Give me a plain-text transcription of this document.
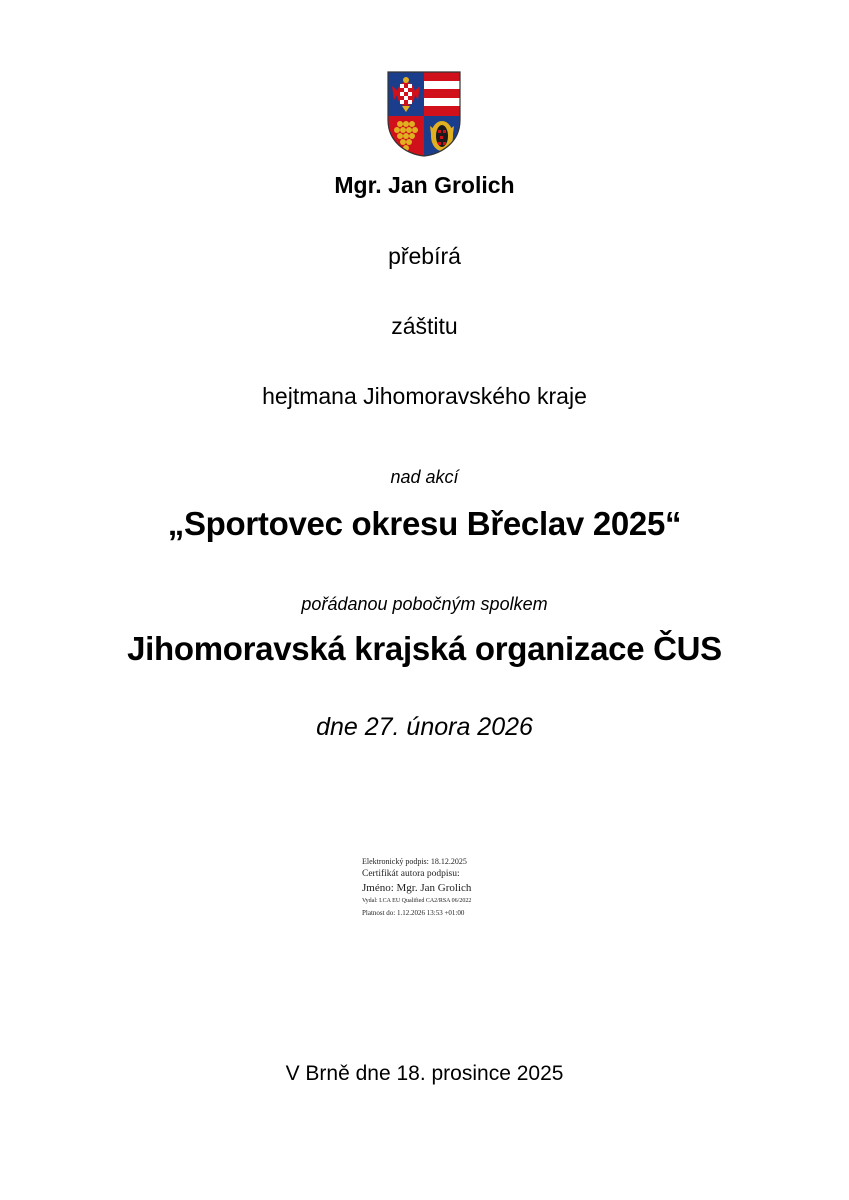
Mgr. Jan Grolich
přebírá
záštitu
hejtmana Jihomoravského kraje
nad akcí
„Sportovec okresu Břeclav 2025“
pořádanou pobočným spolkem
Jihomoravská krajská organizace ČUS
dne 27. února 2026
Elektronický podpis: 18.12.2025
Certifikát autora podpisu:
Jméno: Mgr. Jan Grolich
Vydal: I.CA EU Qualified CA2/RSA 06/2022
Platnost do: 1.12.2026 13:53 +01:00
V Brně dne 18. prosince 2025
